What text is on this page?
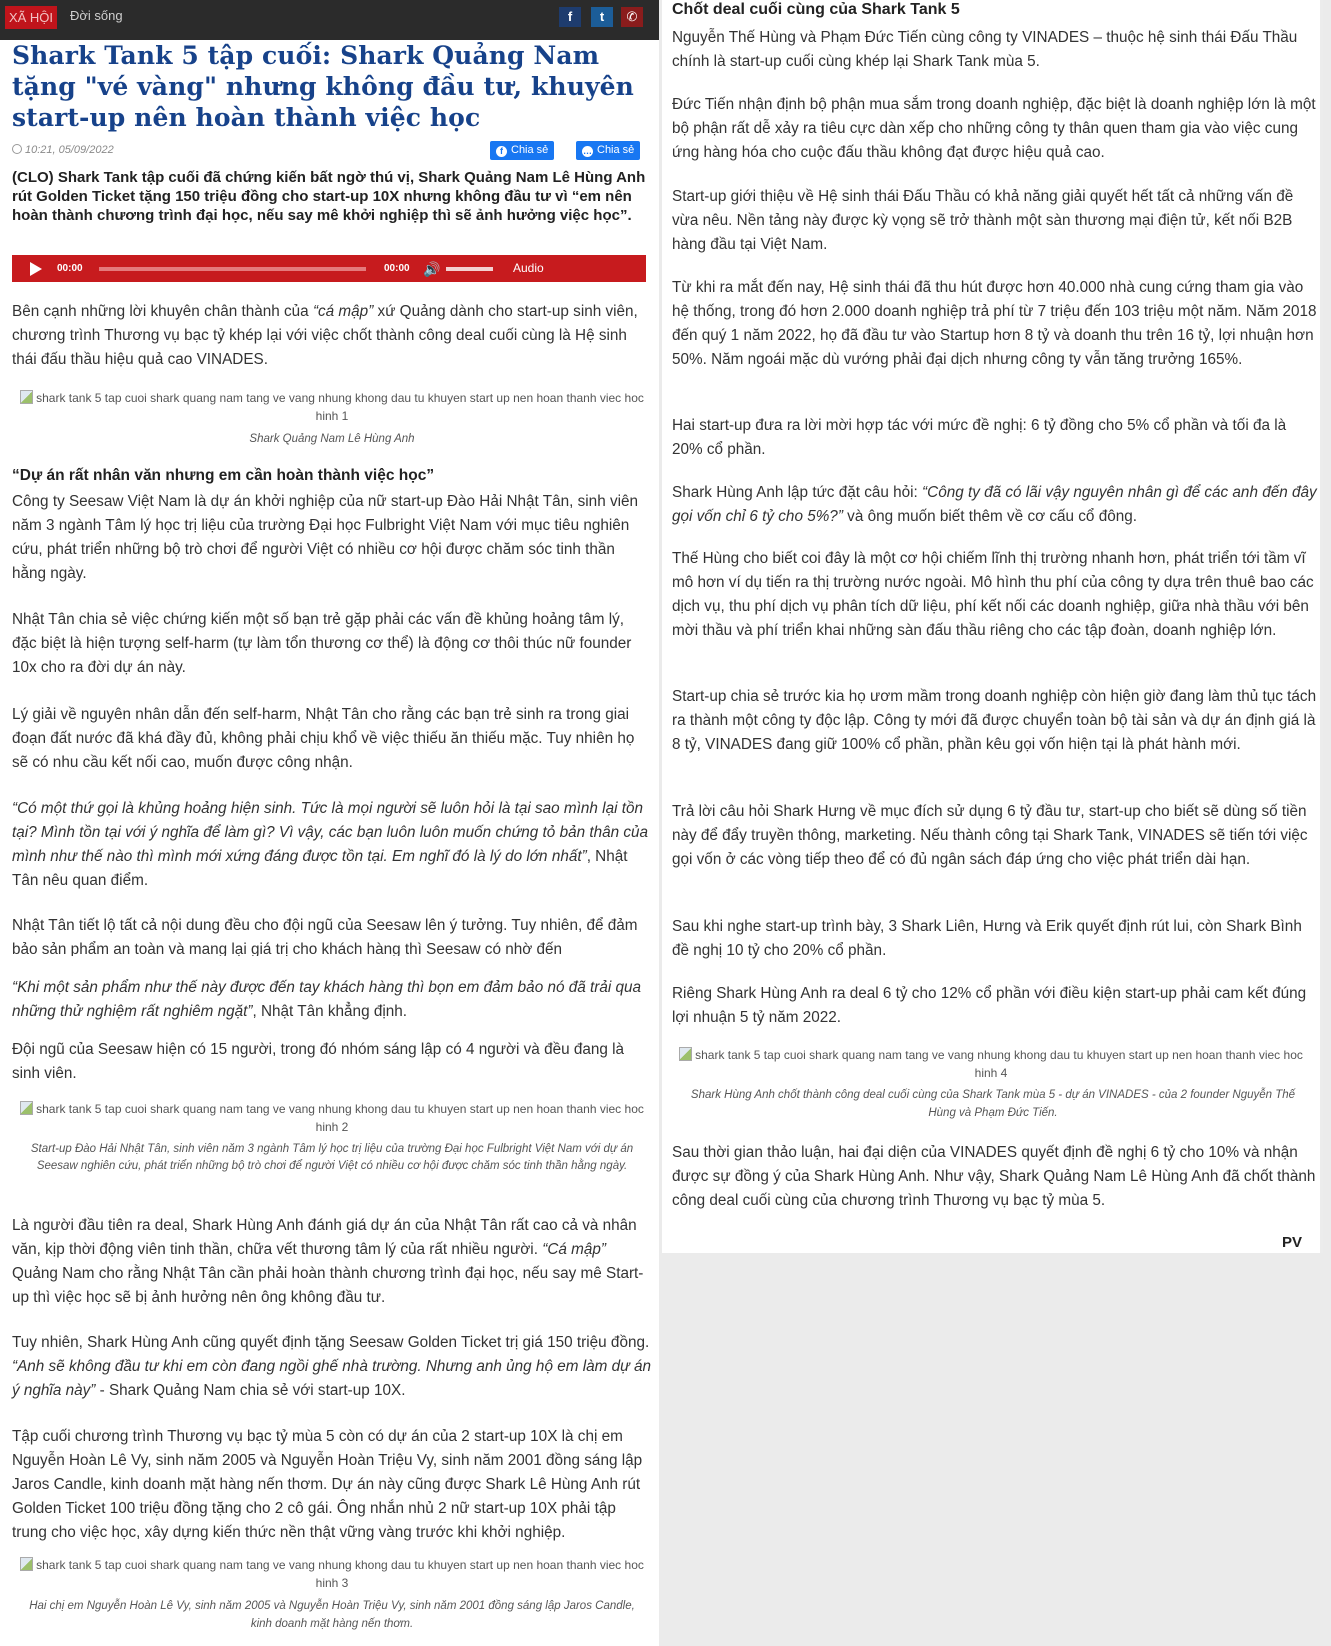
XÃ HỘI	Đời sống	f	t	✆
Shark Tank 5 tập cuối: Shark Quảng Nam tặng "vé vàng" nhưng không đầu tư, khuyên start-up nên hoàn thành việc học
10:21, 05/09/2022	f Chia sẻ	… Chia sẻ

(CLO) Shark Tank tập cuối đã chứng kiến bất ngờ thú vị, Shark Quảng Nam Lê Hùng Anh rút Golden Ticket tặng 150 triệu đồng cho start-up 10X nhưng không đầu tư vì “em nên hoàn thành chương trình đại học, nếu say mê khởi nghiệp thì sẽ ảnh hưởng việc học”.

00:00	00:00 🔊	Audio

Bên cạnh những lời khuyên chân thành của “cá mập” xứ Quảng dành cho start-up sinh viên, chương trình Thương vụ bạc tỷ khép lại với việc chốt thành công deal cuối cùng là Hệ sinh thái đấu thầu hiệu quả cao VINADES.

shark tank 5 tap cuoi shark quang nam tang ve vang nhung khong dau tu khuyen start up nen hoan thanh viec hoc hinh 1
Shark Quảng Nam Lê Hùng Anh
“Dự án rất nhân văn nhưng em cần hoàn thành việc học”

Công ty Seesaw Việt Nam là dự án khởi nghiệp của nữ start-up Đào Hải Nhật Tân, sinh viên năm 3 ngành Tâm lý học trị liệu của trường Đại học Fulbright Việt Nam với mục tiêu nghiên cứu, phát triển những bộ trò chơi để người Việt có nhiều cơ hội được chăm sóc tinh thần hằng ngày.

Nhật Tân chia sẻ việc chứng kiến một số bạn trẻ gặp phải các vấn đề khủng hoảng tâm lý, đặc biệt là hiện tượng self-harm (tự làm tổn thương cơ thể) là động cơ thôi thúc nữ founder 10x cho ra đời dự án này.

Lý giải về nguyên nhân dẫn đến self-harm, Nhật Tân cho rằng các bạn trẻ sinh ra trong giai đoạn đất nước đã khá đầy đủ, không phải chịu khổ về việc thiếu ăn thiếu mặc. Tuy nhiên họ sẽ có nhu cầu kết nối cao, muốn được công nhận.

“Có một thứ gọi là khủng hoảng hiện sinh. Tức là mọi người sẽ luôn hỏi là tại sao mình lại tồn tại? Mình tồn tại với ý nghĩa để làm gì? Vì vậy, các bạn luôn luôn muốn chứng tỏ bản thân của mình như thế nào thì mình mới xứng đáng được tồn tại. Em nghĩ đó là lý do lớn nhất”, Nhật Tân nêu quan điểm.

Nhật Tân tiết lộ tất cả nội dung đều cho đội ngũ của Seesaw lên ý tưởng. Tuy nhiên, để đảm bảo sản phẩm an toàn và mang lại giá trị cho khách hàng thì Seesaw có nhờ đến

“Khi một sản phẩm như thế này được đến tay khách hàng thì bọn em đảm bảo nó đã trải qua những thử nghiệm rất nghiêm ngặt”, Nhật Tân khẳng định.

Đội ngũ của Seesaw hiện có 15 người, trong đó nhóm sáng lập có 4 người và đều đang là sinh viên.

shark tank 5 tap cuoi shark quang nam tang ve vang nhung khong dau tu khuyen start up nen hoan thanh viec hoc hinh 2
Start-up Đào Hải Nhật Tân, sinh viên năm 3 ngành Tâm lý học trị liệu của trường Đại học Fulbright Việt Nam với dự án Seesaw nghiên cứu, phát triển những bộ trò chơi để người Việt có nhiều cơ hội được chăm sóc tinh thần hằng ngày.

Là người đầu tiên ra deal, Shark Hùng Anh đánh giá dự án của Nhật Tân rất cao cả và nhân văn, kịp thời động viên tinh thần, chữa vết thương tâm lý của rất nhiều người. “Cá mập” Quảng Nam cho rằng Nhật Tân cần phải hoàn thành chương trình đại học, nếu say mê Start-up thì việc học sẽ bị ảnh hưởng nên ông không đầu tư.

Tuy nhiên, Shark Hùng Anh cũng quyết định tặng Seesaw Golden Ticket trị giá 150 triệu đồng. “Anh sẽ không đầu tư khi em còn đang ngồi ghế nhà trường. Nhưng anh ủng hộ em làm dự án ý nghĩa này” - Shark Quảng Nam chia sẻ với start-up 10X.

Tập cuối chương trình Thương vụ bạc tỷ mùa 5 còn có dự án của 2 start-up 10X là chị em Nguyễn Hoàn Lê Vy, sinh năm 2005 và Nguyễn Hoàn Triệu Vy, sinh năm 2001 đồng sáng lập Jaros Candle, kinh doanh mặt hàng nến thơm. Dự án này cũng được Shark Lê Hùng Anh rút Golden Ticket 100 triệu đồng tặng cho 2 cô gái. Ông nhắn nhủ 2 nữ start-up 10X phải tập trung cho việc học, xây dựng kiến thức nền thật vững vàng trước khi khởi nghiệp.

shark tank 5 tap cuoi shark quang nam tang ve vang nhung khong dau tu khuyen start up nen hoan thanh viec hoc hinh 3
Hai chị em Nguyễn Hoàn Lê Vy, sinh năm 2005 và Nguyễn Hoàn Triệu Vy, sinh năm 2001 đồng sáng lập Jaros Candle, kinh doanh mặt hàng nến thơm.
Chốt deal cuối cùng của Shark Tank 5

Nguyễn Thế Hùng và Phạm Đức Tiến cùng công ty VINADES – thuộc hệ sinh thái Đấu Thầu chính là start-up cuối cùng khép lại Shark Tank mùa 5.

Đức Tiến nhận định bộ phận mua sắm trong doanh nghiệp, đặc biệt là doanh nghiệp lớn là một bộ phận rất dễ xảy ra tiêu cực dàn xếp cho những công ty thân quen tham gia vào việc cung ứng hàng hóa cho cuộc đấu thầu không đạt được hiệu quả cao.

Start-up giới thiệu về Hệ sinh thái Đấu Thầu có khả năng giải quyết hết tất cả những vấn đề vừa nêu. Nền tảng này được kỳ vọng sẽ trở thành một sàn thương mại điện tử, kết nối B2B hàng đầu tại Việt Nam.

Từ khi ra mắt đến nay, Hệ sinh thái đã thu hút được hơn 40.000 nhà cung cứng tham gia vào hệ thống, trong đó hơn 2.000 doanh nghiệp trả phí từ 7 triệu đến 103 triệu một năm. Năm 2018 đến quý 1 năm 2022, họ đã đầu tư vào Startup hơn 8 tỷ và doanh thu trên 16 tỷ, lợi nhuận hơn 50%. Năm ngoái mặc dù vướng phải đại dịch nhưng công ty vẫn tăng trưởng 165%.

Hai start-up đưa ra lời mời hợp tác với mức đề nghị: 6 tỷ đồng cho 5% cổ phần và tối đa là 20% cổ phần.

Shark Hùng Anh lập tức đặt câu hỏi: “Công ty đã có lãi vậy nguyên nhân gì để các anh đến đây gọi vốn chỉ 6 tỷ cho 5%?” và ông muốn biết thêm về cơ cấu cổ đông.

Thế Hùng cho biết coi đây là một cơ hội chiếm lĩnh thị trường nhanh hơn, phát triển tới tầm vĩ mô hơn ví dụ tiến ra thị trường nước ngoài. Mô hình thu phí của công ty dựa trên thuê bao các dịch vụ, thu phí dịch vụ phân tích dữ liệu, phí kết nối các doanh nghiệp, giữa nhà thầu với bên mời thầu và phí triển khai những sàn đấu thầu riêng cho các tập đoàn, doanh nghiệp lớn.

Start-up chia sẻ trước kia họ ươm mầm trong doanh nghiệp còn hiện giờ đang làm thủ tục tách ra thành một công ty độc lập. Công ty mới đã được chuyển toàn bộ tài sản và dự án định giá là 8 tỷ, VINADES đang giữ 100% cổ phần, phần kêu gọi vốn hiện tại là phát hành mới.

Trả lời câu hỏi Shark Hưng về mục đích sử dụng 6 tỷ đầu tư, start-up cho biết sẽ dùng số tiền này để đẩy truyền thông, marketing. Nếu thành công tại Shark Tank, VINADES sẽ tiến tới việc gọi vốn ở các vòng tiếp theo để có đủ ngân sách đáp ứng cho việc phát triển dài hạn.

Sau khi nghe start-up trình bày, 3 Shark Liên, Hưng và Erik quyết định rút lui, còn Shark Bình đề nghị 10 tỷ cho 20% cổ phần.

Riêng Shark Hùng Anh ra deal 6 tỷ cho 12% cổ phần với điều kiện start-up phải cam kết đúng lợi nhuận 5 tỷ năm 2022.

shark tank 5 tap cuoi shark quang nam tang ve vang nhung khong dau tu khuyen start up nen hoan thanh viec hoc hinh 4
Shark Hùng Anh chốt thành công deal cuối cùng của Shark Tank mùa 5 - dự án VINADES - của 2 founder Nguyễn Thế Hùng và Phạm Đức Tiến.

Sau thời gian thảo luận, hai đại diện của VINADES quyết định đề nghị 6 tỷ cho 10% và nhận được sự đồng ý của Shark Hùng Anh. Như vậy, Shark Quảng Nam Lê Hùng Anh đã chốt thành công deal cuối cùng của chương trình Thương vụ bạc tỷ mùa 5.

PV
